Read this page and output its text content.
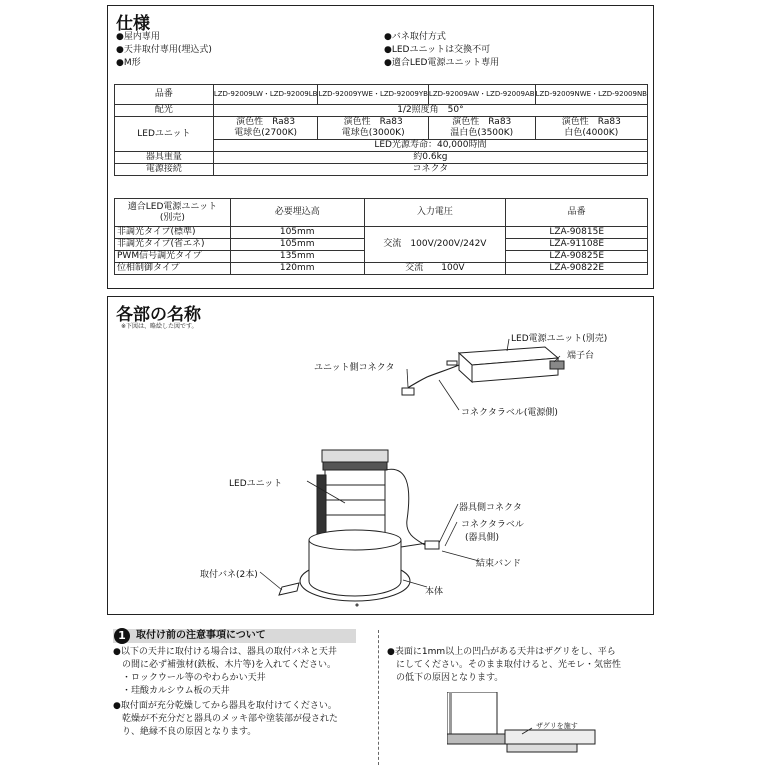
仕様
●屋内専用
●天井取付専用(埋込式)
●M形
●バネ取付方式
●LEDユニットは交換不可
●適合LED電源ユニット専用
品番	LZD-92009LW・LZD-92009LB	LZD-92009YWE・LZD-92009YB	LZD-92009AW・LZD-92009AB	LZD-92009NWE・LZD-92009NB
配光	1/2照度角　50°			
LEDユニット	演色性　Ra83	演色性　Ra83	演色性　Ra83	演色性　Ra83
	電球色(2700K)	電球色(3000K)	温白色(3500K)	白色(4000K)
	LED光源寿命：40,000時間			
器具重量	約0.6kg			
電源接続	コネクタ			
適合LED電源ユニット
(別売)	必要埋込高	入力電圧	品番
非調光タイプ(標準)	105mm	交流　100V/200V/242V	LZA-90815E
非調光タイプ(省エネ)	105mm		LZA-91108E
PWM信号調光タイプ	135mm		LZA-90825E
位相制御タイプ	120mm	交流　　100V	LZA-90822E
各部の名称
※下図は、略絵した図です。
LED電源ユニット(別売)
端子台
ユニット側コネクタ
コネクタラベル(電源側)
LEDユニット
器具側コネクタ
コネクタラベル
(器具側)
結束バンド
取付バネ(2本)
本体
1	取付け前の注意事項について
●以下の天井に取付ける場合は、器具の取付バネと天井
　の間に必ず補強材(鉄板、木片等)を入れてください。
　・ロックウール等のやわらかい天井
　・珪酸カルシウム板の天井
●取付面が充分乾燥してから器具を取付けてください。
　乾燥が不充分だと器具のメッキ部や塗装部が侵された
　り、絶縁不良の原因となります。
●表面に1mm以上の凹凸がある天井はザグリをし、平ら
　にしてください。そのまま取付けると、光モレ・気密性
　の低下の原因となります。
ザグリを施す
